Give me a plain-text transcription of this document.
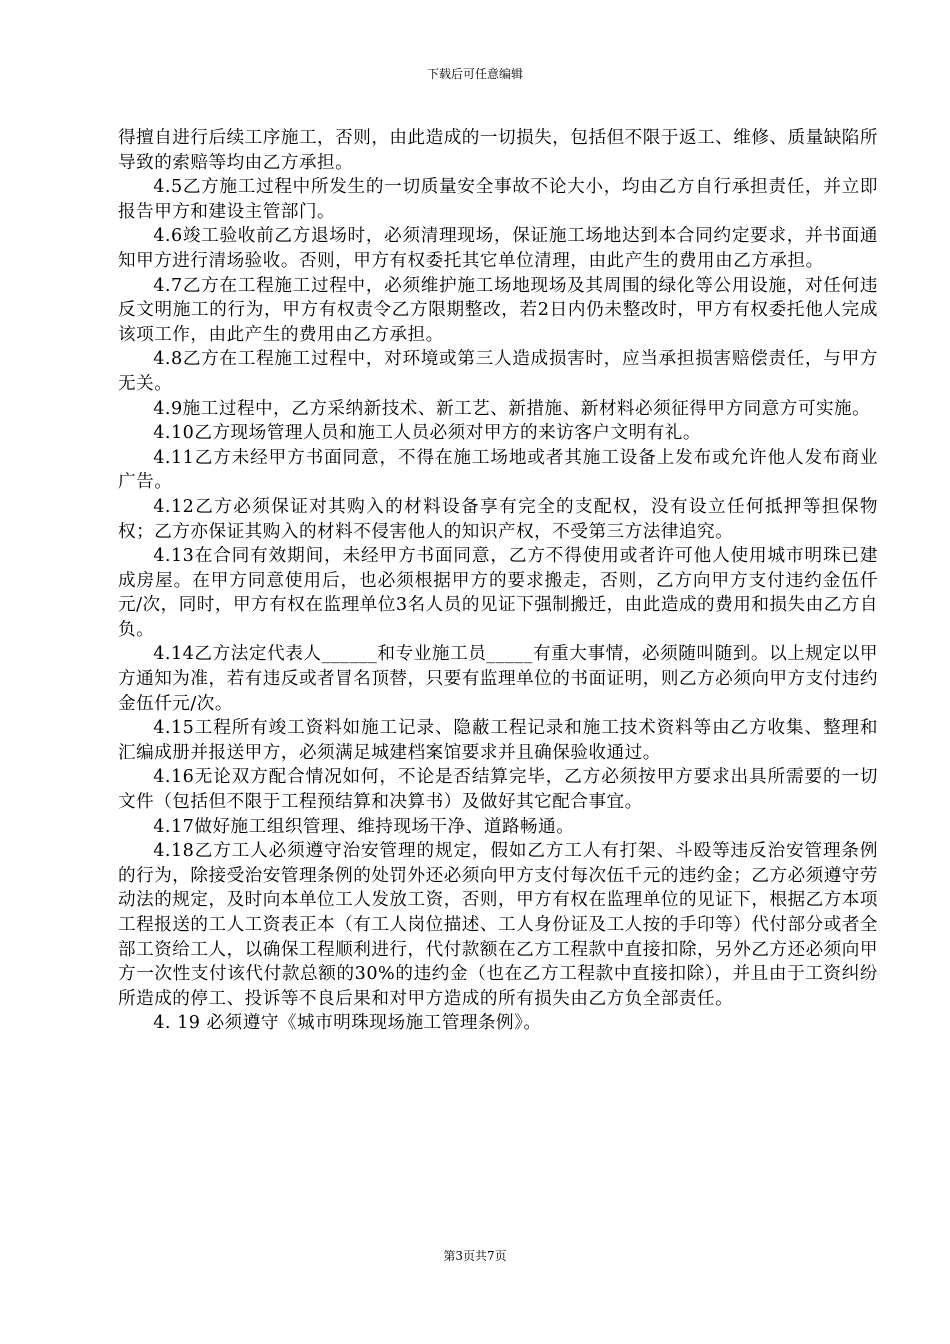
下载后可任意编辑

得擅自进行后续工序施工，否则，由此造成的一切损失，包括但不限于返工、维修、质量缺陷所导致的索赔等均由乙方承担。

4.5乙方施工过程中所发生的一切质量安全事故不论大小，均由乙方自行承担责任，并立即报告甲方和建设主管部门。

4.6竣工验收前乙方退场时，必须清理现场，保证施工场地达到本合同约定要求，并书面通知甲方进行清场验收。否则，甲方有权委托其它单位清理，由此产生的费用由乙方承担。

4.7乙方在工程施工过程中，必须维护施工场地现场及其周围的绿化等公用设施，对任何违反文明施工的行为，甲方有权责令乙方限期整改，若2日内仍未整改时，甲方有权委托他人完成该项工作，由此产生的费用由乙方承担。

4.8乙方在工程施工过程中，对环境或第三人造成损害时，应当承担损害赔偿责任，与甲方无关。

4.9施工过程中，乙方采纳新技术、新工艺、新措施、新材料必须征得甲方同意方可实施。

4.10乙方现场管理人员和施工人员必须对甲方的来访客户文明有礼。

4.11乙方未经甲方书面同意，不得在施工场地或者其施工设备上发布或允许他人发布商业广告。

4.12乙方必须保证对其购入的材料设备享有完全的支配权，没有设立任何抵押等担保物权；乙方亦保证其购入的材料不侵害他人的知识产权，不受第三方法律追究。

4.13在合同有效期间，未经甲方书面同意，乙方不得使用或者许可他人使用城市明珠已建成房屋。在甲方同意使用后，也必须根据甲方的要求搬走，否则，乙方向甲方支付违约金伍仟元/次，同时，甲方有权在监理单位3名人员的见证下强制搬迁，由此造成的费用和损失由乙方自负。

4.14乙方法定代表人______和专业施工员_____有重大事情，必须随叫随到。以上规定以甲方通知为准，若有违反或者冒名顶替，只要有监理单位的书面证明，则乙方必须向甲方支付违约金伍仟元/次。

4.15工程所有竣工资料如施工记录、隐蔽工程记录和施工技术资料等由乙方收集、整理和汇编成册并报送甲方，必须满足城建档案馆要求并且确保验收通过。

4.16无论双方配合情况如何，不论是否结算完毕，乙方必须按甲方要求出具所需要的一切文件（包括但不限于工程预结算和决算书）及做好其它配合事宜。

4.17做好施工组织管理、维持现场干净、道路畅通。

4.18乙方工人必须遵守治安管理的规定，假如乙方工人有打架、斗殴等违反治安管理条例的行为，除接受治安管理条例的处罚外还必须向甲方支付每次伍千元的违约金；乙方必须遵守劳动法的规定，及时向本单位工人发放工资，否则，甲方有权在监理单位的见证下，根据乙方本项工程报送的工人工资表正本（有工人岗位描述、工人身份证及工人按的手印等）代付部分或者全部工资给工人，以确保工程顺利进行，代付款额在乙方工程款中直接扣除，另外乙方还必须向甲方一次性支付该代付款总额的30%的违约金（也在乙方工程款中直接扣除），并且由于工资纠纷所造成的停工、投诉等不良后果和对甲方造成的所有损失由乙方负全部责任。

4. 19 必须遵守《城市明珠现场施工管理条例》。

第3页共7页
